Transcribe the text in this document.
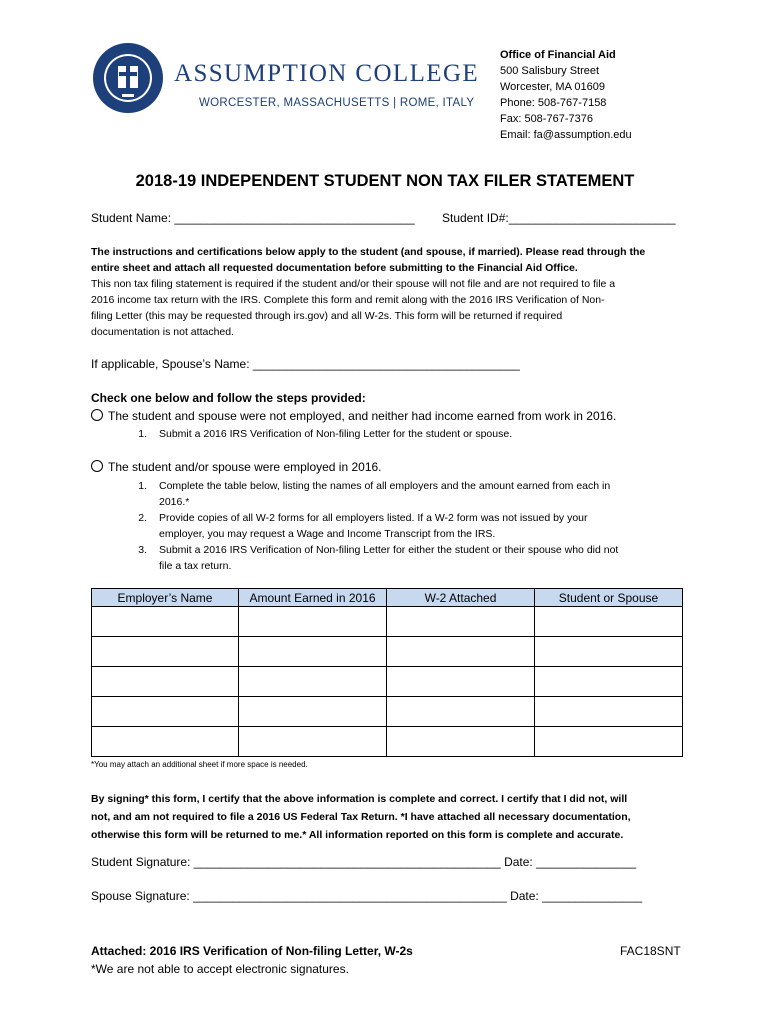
ASSUMPTION COLLEGE
WORCESTER, MASSACHUSETTS | ROME, ITALY
Office of Financial Aid
500 Salisbury Street
Worcester, MA 01609
Phone: 508-767-7158
Fax: 508-767-7376
Email: fa@assumption.edu
2018-19 INDEPENDENT STUDENT NON TAX FILER STATEMENT
Student Name: ____________________________________ Student ID#:_________________________
The instructions and certifications below apply to the student (and spouse, if married). Please read through the
entire sheet and attach all requested documentation before submitting to the Financial Aid Office.
This non tax filing statement is required if the student and/or their spouse will not file and are not required to file a
2016 income tax return with the IRS. Complete this form and remit along with the 2016 IRS Verification of Non-
filing Letter (this may be requested through irs.gov) and all W-2s. This form will be returned if required
documentation is not attached.
If applicable, Spouse’s Name: ________________________________________
Check one below and follow the steps provided:
The student and spouse were not employed, and neither had income earned from work in 2016.
1. Submit a 2016 IRS Verification of Non-filing Letter for the student or spouse.
The student and/or spouse were employed in 2016.
1. Complete the table below, listing the names of all employers and the amount earned from each in
2016.*
2. Provide copies of all W-2 forms for all employers listed. If a W-2 form was not issued by your
employer, you may request a Wage and Income Transcript from the IRS.
3. Submit a 2016 IRS Verification of Non-filing Letter for either the student or their spouse who did not
file a tax return.
Employer’s Name	Amount Earned in 2016	W-2 Attached	Student or Spouse

*You may attach an additional sheet if more space is needed.
By signing* this form, I certify that the above information is complete and correct. I certify that I did not, will
not, and am not required to file a 2016 US Federal Tax Return. *I have attached all necessary documentation,
otherwise this form will be returned to me.* All information reported on this form is complete and accurate.
Student Signature: ______________________________________________ Date: _______________
Spouse Signature: _______________________________________________ Date: _______________
Attached: 2016 IRS Verification of Non-filing Letter, W-2s
*We are not able to accept electronic signatures.
FAC18SNT
